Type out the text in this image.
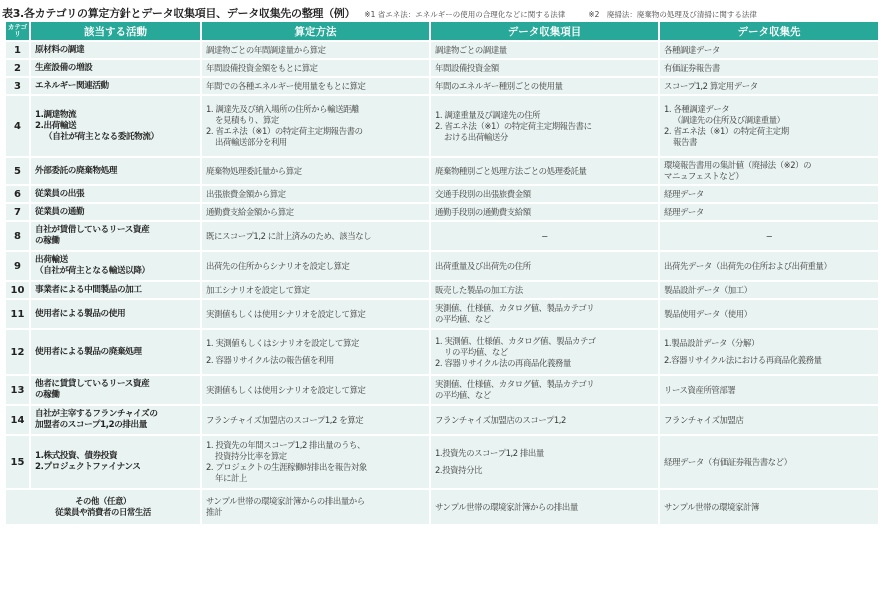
表3.各カテゴリの算定方針とデータ収集項目、データ収集先の整理（例） ※1 省エネ法：エネルギーの使用の合理化などに関する法律	※2　廃掃法：廃棄物の処理及び清掃に関する法律
カテゴリ	該当する活動	算定方法	データ収集項目	データ収集先
1	原材料の調達	調達物ごとの年間調達量から算定	調達物ごとの調達量	各種調達データ
2	生産設備の増設	年間設備投資金額をもとに算定	年間設備投資金額	有価証券報告書
3	エネルギー関連活動	年間での各種エネルギー使用量をもとに算定	年間のエネルギー種別ごとの使用量	スコープ1,2 算定用データ
4	1.調達物流
2.出荷輸送
（自社が荷主となる委託物流）	1. 調達先及び納入場所の住所から輸送距離
を見積もり、算定
2. 省エネ法（※1）の特定荷主定期報告書の
出荷輸送部分を利用	1. 調達重量及び調達先の住所
2. 省エネ法（※1）の特定荷主定期報告書に
おける出荷輸送分	1. 各種調達データ
（調達先の住所及び調達重量）
2. 省エネ法（※1）の特定荷主定期
報告書

5	外部委託の廃棄物処理	廃棄物処理委託量から算定	廃棄物種別ごと処理方法ごとの処理委託量	環境報告書用の集計値（廃掃法（※2）の
マニュフェストなど）

6	従業員の出張	出張旅費金額から算定	交通手段別の出張旅費金額	経理データ
7	従業員の通勤	通勤費支給金額から算定	通勤手段別の通勤費支給額	経理データ
8	自社が賃借しているリース資産
の稼働	既にスコープ1,2 に計上済みのため、該当なし	−	−
9	出荷輸送
（自社が荷主となる輸送以降）	出荷先の住所からシナリオを設定し算定	出荷重量及び出荷先の住所	出荷先データ（出荷先の住所および出荷重量）

10	事業者による中間製品の加工	加工シナリオを設定して算定	販売した製品の加工方法	製品設計データ（加工）
11	使用者による製品の使用	実測値もしくは使用シナリオを設定して算定	実測値、仕様値、カタログ値、製品カテゴリ
の平均値、など	製品使用データ（使用）
12	使用者による製品の廃棄処理	1. 実測値もしくはシナリオを設定して算定
2. 容器リサイクル法の報告値を利用	1. 実測値、仕様値、カタログ値、製品カテゴ
リの平均値、など
2. 容器リサイクル法の再商品化義務量	1.製品設計データ（分解）
2.容器リサイクル法における再商品化義務量

13	他者に賃貸しているリース資産
の稼働	実測値もしくは使用シナリオを設定して算定	実測値、仕様値、カタログ値、製品カテゴリ
の平均値、など	リース資産所管部署
14	自社が主宰するフランチャイズの
加盟者のスコープ1,2の排出量	フランチャイズ加盟店のスコープ1,2 を算定	フランチャイズ加盟店のスコープ1,2	フランチャイズ加盟店
15	1.株式投資、債券投資
2.プロジェクトファイナンス	1. 投資先の年間スコープ1,2 排出量のうち、
投資持分比率を算定
2. プロジェクトの生涯稼働時排出を報告対象
年に計上	1.投資先のスコープ1,2 排出量
2.投資持分比	経理データ（有価証券報告書など）

その他（任意）
従業員や消費者の日常生活		サンプル世帯の環境家計簿からの排出量から
推計	サンプル世帯の環境家計簿からの排出量	サンプル世帯の環境家計簿
